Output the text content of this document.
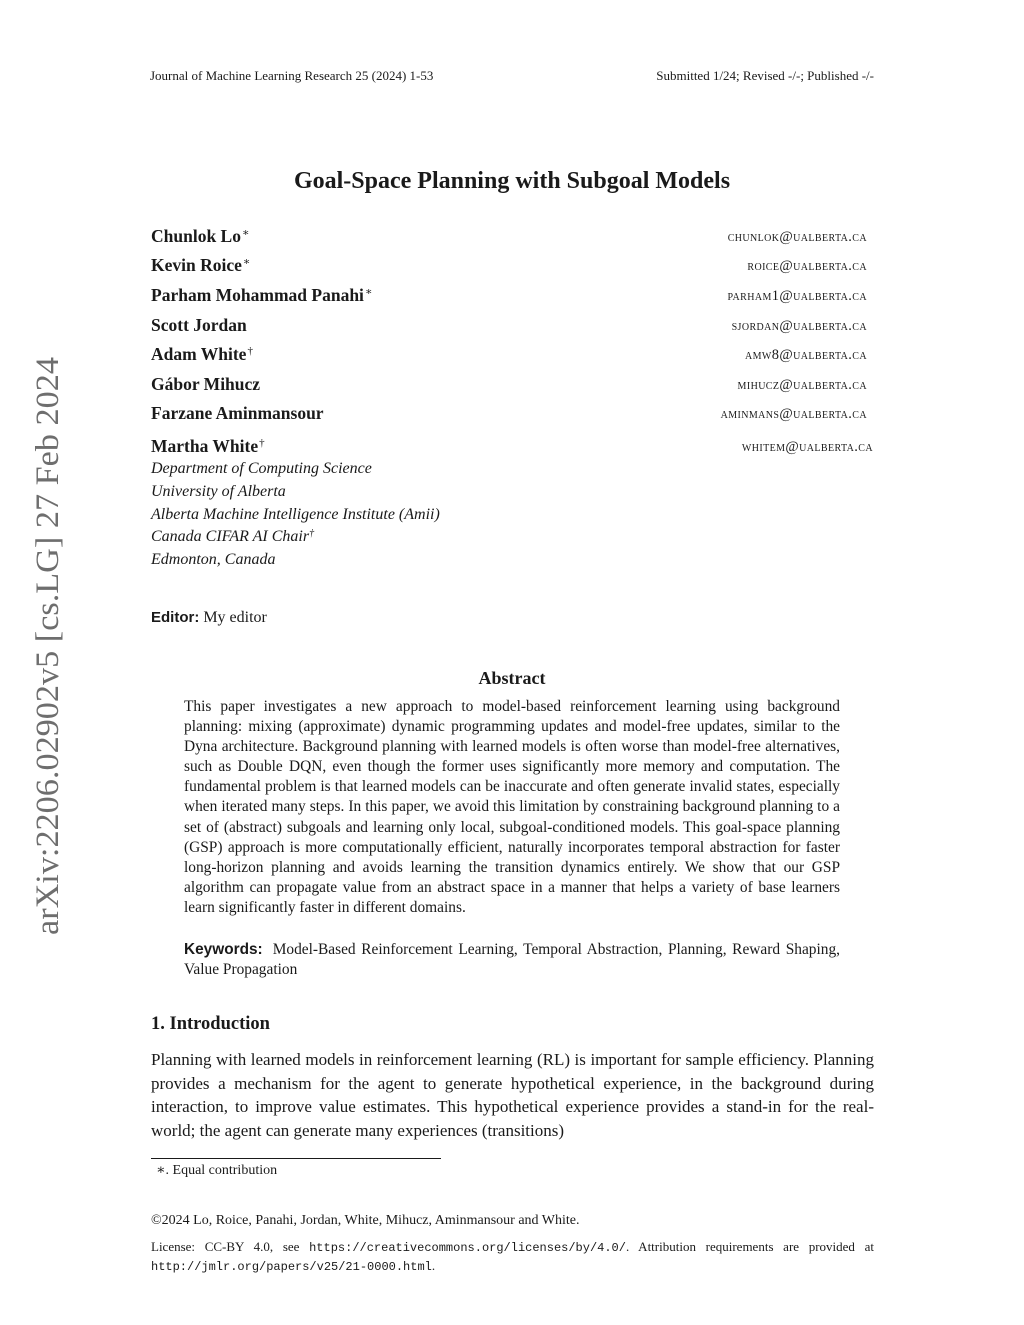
Journal of Machine Learning Research 25 (2024) 1-53	Submitted 1/24; Revised -/-; Published -/-
arXiv:2206.02902v5 [cs.LG] 27 Feb 2024
Goal-Space Planning with Subgoal Models
Chunlok Lo∗	chunlok@ualberta.ca
Kevin Roice∗	roice@ualberta.ca
Parham Mohammad Panahi∗	parham1@ualberta.ca
Scott Jordan	sjordan@ualberta.ca
Adam White†	amw8@ualberta.ca
Gábor Mihucz	mihucz@ualberta.ca
Farzane Aminmansour	aminmans@ualberta.ca
Martha White†	whitem@ualberta.ca
Department of Computing Science
University of Alberta
Alberta Machine Intelligence Institute (Amii)
Canada CIFAR AI Chair†
Edmonton, Canada
Editor: My editor
Abstract
This paper investigates a new approach to model-based reinforcement learning using background planning: mixing (approximate) dynamic programming updates and model-free updates, similar to the Dyna architecture. Background planning with learned models is often worse than model-free alternatives, such as Double DQN, even though the former uses significantly more memory and computation. The fundamental problem is that learned models can be inaccurate and often generate invalid states, especially when iterated many steps. In this paper, we avoid this limitation by constraining background planning to a set of (abstract) subgoals and learning only local, subgoal-conditioned models. This goal-space planning (GSP) approach is more computationally efficient, naturally incorporates temporal abstraction for faster long-horizon planning and avoids learning the transition dynamics entirely. We show that our GSP algorithm can propagate value from an abstract space in a manner that helps a variety of base learners learn significantly faster in different domains.
Keywords: Model-Based Reinforcement Learning, Temporal Abstraction, Planning, Reward Shaping, Value Propagation
1. Introduction
Planning with learned models in reinforcement learning (RL) is important for sample efficiency. Planning provides a mechanism for the agent to generate hypothetical experience, in the background during interaction, to improve value estimates. This hypothetical experience provides a stand-in for the real-world; the agent can generate many experiences (transitions)
∗. Equal contribution
©2024 Lo, Roice, Panahi, Jordan, White, Mihucz, Aminmansour and White.
License: CC-BY 4.0, see https://creativecommons.org/licenses/by/4.0/. Attribution requirements are provided at http://jmlr.org/papers/v25/21-0000.html.
